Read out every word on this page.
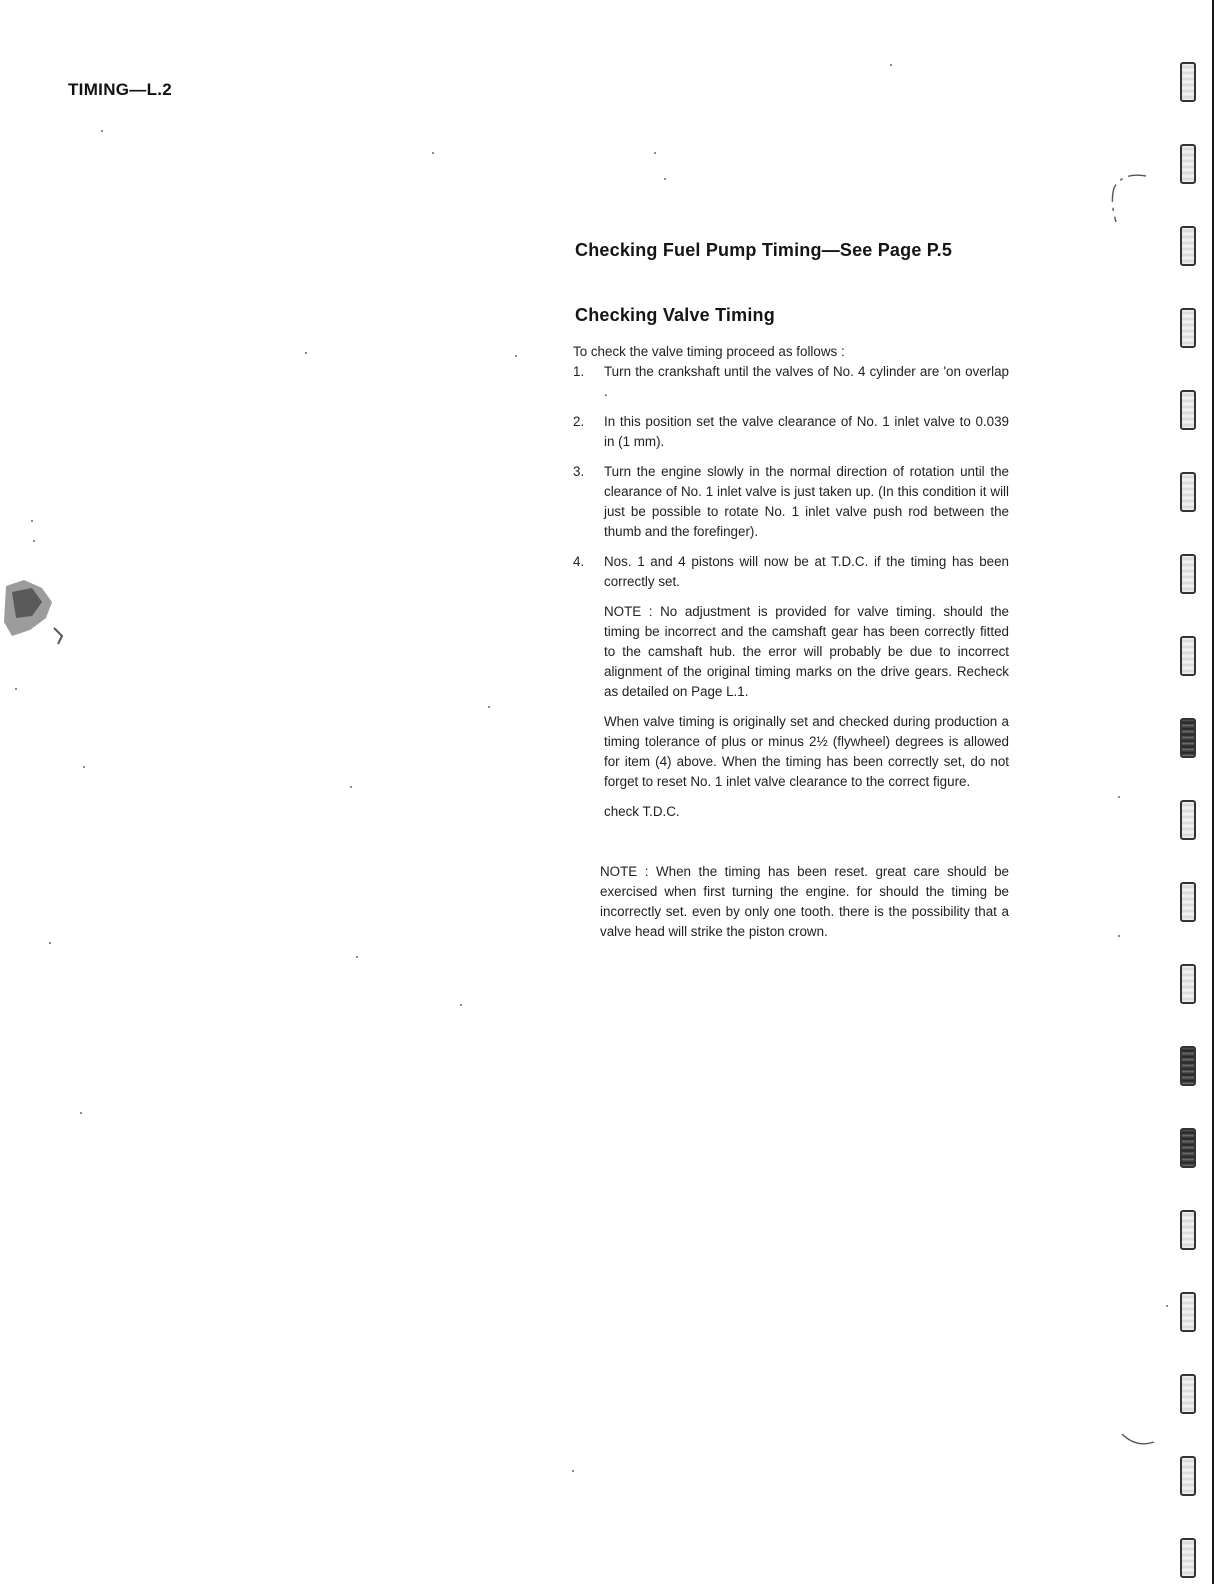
TIMING—L.2
Checking Fuel Pump Timing—See Page P.5
Checking Valve Timing
To check the valve timing proceed as follows :
1.	Turn the crankshaft until the valves of No. 4 cylinder are 'on overlap .
2.	In this position set the valve clearance of No. 1 inlet valve to 0.039 in (1 mm).
3.	Turn the engine slowly in the normal direction of rotation until the clearance of No. 1 inlet valve is just taken up. (In this condition it will just be possible to rotate No. 1 inlet valve push rod between the thumb and the forefinger).
4.	Nos. 1 and 4 pistons will now be at T.D.C. if the timing has been correctly set.
NOTE : No adjustment is provided for valve timing. should the timing be incorrect and the camshaft gear has been correctly fitted to the camshaft hub. the error will probably be due to incorrect alignment of the original timing marks on the drive gears. Recheck as detailed on Page L.1.
When valve timing is originally set and checked during production a timing tolerance of plus or minus 2½ (flywheel) degrees is allowed for item (4) above. When the timing has been correctly set, do not forget to reset No. 1 inlet valve clearance to the correct figure.
check T.D.C.
NOTE : When the timing has been reset. great care should be exercised when first turning the engine. for should the timing be incorrectly set. even by only one tooth. there is the possibility that a valve head will strike the piston crown.
